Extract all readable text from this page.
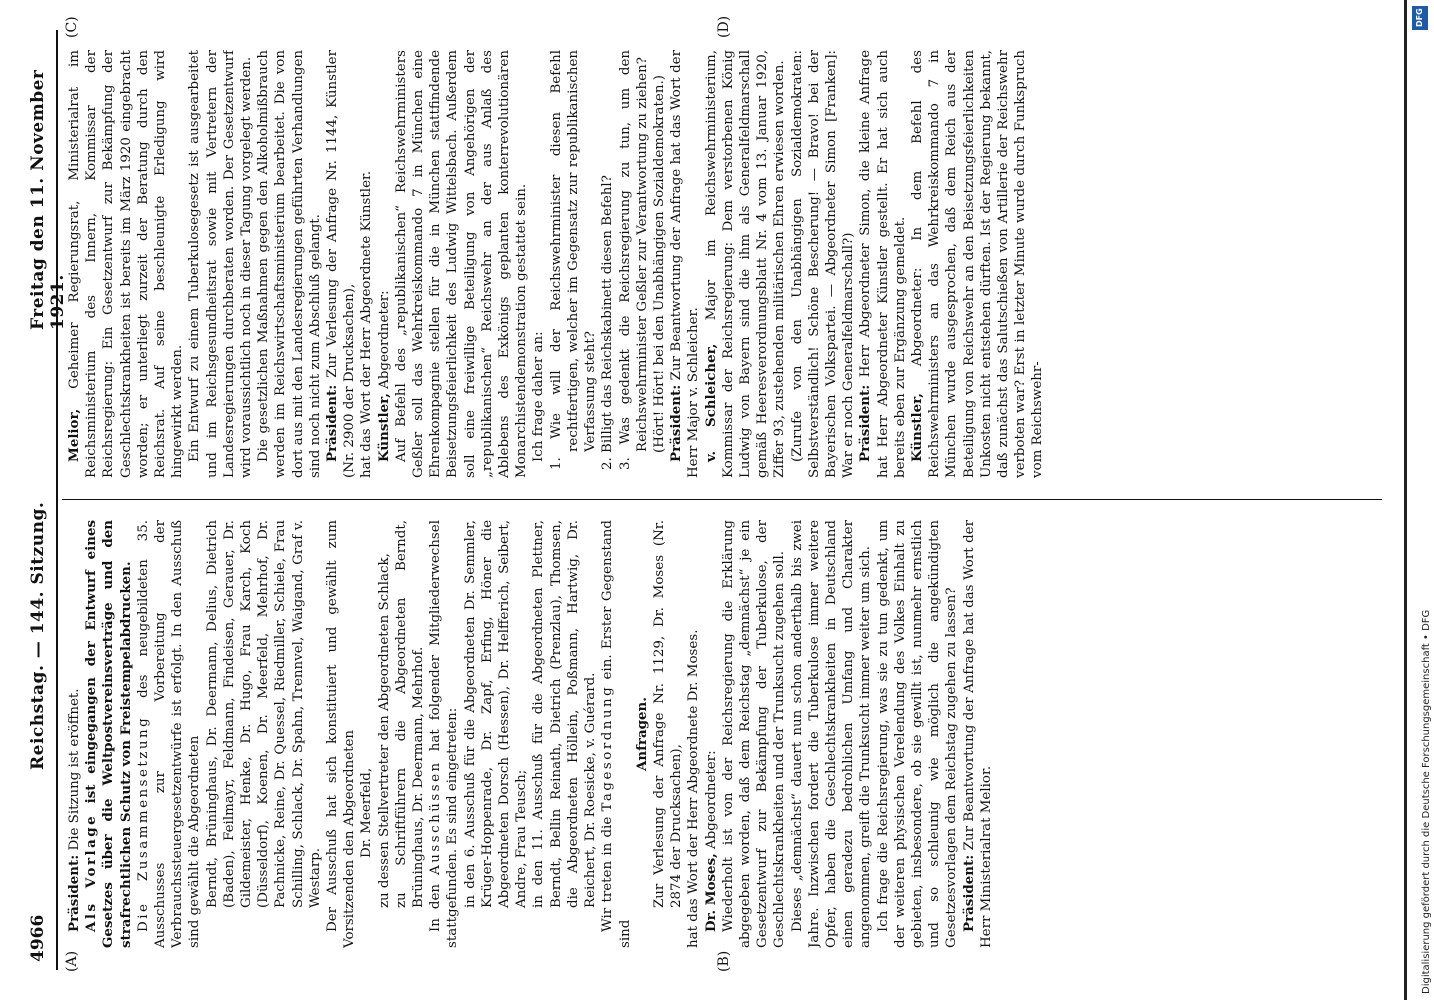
4966
Reichstag. — 144. Sitzung.
Freitag den 11. November 1921.
(A)	(B)
(C)	(D)

Präsident: Die Sitzung ist eröffnet.

Als Vorlage ist eingegangen der Entwurf eines Gesetzes über die Weltpostvereinsverträge und den strafrechtlichen Schutz von Freistempelabdrucken. Die Zusammensetzung des neugebildeten 35. Ausschusses zur Vorbereitung der Verbrauchssteuergesetzentwürfe ist erfolgt. In den Ausschuß sind gewählt die Abgeordneten Berndt, Brüninghaus, Dr. Deermann, Delius, Dietrich (Baden), Feilmayr, Feldmann, Findeisen, Gerauer, Dr. Gildemeister, Henke, Dr. Hugo, Frau Karch, Koch (Düsseldorf), Koenen, Dr. Meerfeld, Mehrhof, Dr. Pachnicke, Reine, Dr. Quessel, Riedmiller, Schiele, Frau Schilling, Schlack, Dr. Spahn, Trennvel, Waigand, Graf v. Westarp. Der Ausschuß hat sich konstituiert und gewählt zum Vorsitzenden den Abgeordneten Dr. Meerfeld, zu dessen Stellvertreter den Abgeordneten Schlack, zu Schriftführern die Abgeordneten Berndt, Brüninghaus, Dr. Deermann, Mehrhof. In den Ausschüssen hat folgender Mitgliederwechsel stattgefunden. Es sind eingetreten: in den 6. Ausschuß für die Abgeordneten Dr. Semmler, Krüger-Hoppenrade, Dr. Zapf, Erfing, Höner die Abgeordneten Dorsch (Hessen), Dr. Helfferich, Seibert, Andre, Frau Teusch; in den 11. Ausschuß für die Abgeordneten Plettner, Berndt, Bellin Reinath, Dietrich (Prenzlau), Thomsen, die Abgeordneten Höllein, Poßmann, Hartwig, Dr. Reichert, Dr. Roesicke, v. Guérard. Wir treten in die Tagesordnung ein. Erster Gegenstand sind

Anfragen. Zur Verlesung der Anfrage Nr. 1129, Dr. Moses (Nr. 2874 der Drucksachen), hat das Wort der Herr Abgeordnete Dr. Moses. Dr. Moses, Abgeordneter: Wiederholt ist von der Reichsregierung die Erklärung abgegeben worden, daß dem Reichstag „demnächst“ je ein Gesetzentwurf zur Bekämpfung der Tuberkulose, der Geschlechtskrankheiten und der Trunksucht zugehen soll. Dieses „demnächst“ dauert nun schon anderthalb bis zwei Jahre. Inzwischen fordert die Tuberkulose immer weitere Opfer, haben die Geschlechtskrankheiten in Deutschland einen geradezu bedrohlichen Umfang und Charakter angenommen, greift die Trunksucht immer weiter um sich. Ich frage die Reichsregierung, was sie zu tun gedenkt, um der weiteren physischen Verelendung des Volkes Einhalt zu gebieten, insbesondere, ob sie gewillt ist, nunmehr ernstlich und so schleunig wie möglich die angekündigten Gesetzesvorlagen dem Reichstag zugehen zu lassen? Präsident: Zur Beantwortung der Anfrage hat das Wort der Herr Ministerialrat Melior.

Melior, Geheimer Regierungsrat, Ministerialrat im Reichsministerium des Innern, Kommissar der Reichsregierung: Ein Gesetzentwurf zur Bekämpfung der Geschlechtskrankheiten ist bereits im März 1920 eingebracht worden; er unterliegt zurzeit der Beratung durch den Reichsrat. Auf seine beschleunigte Erledigung wird hingewirkt werden. Ein Entwurf zu einem Tuberkulosegesetz ist ausgearbeitet und im Reichsgesundheitsrat sowie mit Vertretern der Landesregierungen durchberaten worden. Der Gesetzentwurf wird voraussichtlich noch in dieser Tagung vorgelegt werden. Die gesetzlichen Maßnahmen gegen den Alkoholmißbrauch werden im Reichswirtschaftsministerium bearbeitet. Die von dort aus mit den Landesregierungen geführten Verhandlungen sind noch nicht zum Abschluß gelangt. Präsident: Zur Verlesung der Anfrage Nr. 1144, Künstler (Nr. 2900 der Drucksachen), hat das Wort der Herr Abgeordnete Künstler. Künstler, Abgeordneter: Auf Befehl des „republikanischen“ Reichswehrministers Geßler soll das Wehrkreiskommando 7 in München eine Ehrenkompagnie stellen für die in München stattfindende Beisetzungsfeierlichkeit des Ludwig Wittelsbach. Außerdem soll eine freiwillige Beteiligung von Angehörigen der „republikanischen“ Reichswehr an der aus Anlaß des Ablebens des Exkönigs geplanten konterrevolutionären Monarchistendemonstration gestattet sein. Ich frage daher an: 1. Wie will der Reichswehrminister diesen Befehl rechtfertigen, welcher im Gegensatz zur republikanischen Verfassung steht? 2. Billigt das Reichskabinett diesen Befehl? 3. Was gedenkt die Reichsregierung zu tun, um den Reichswehrminister Geßler zur Verantwortung zu ziehen? (Hört! Hört! bei den Unabhängigen Sozialdemokraten.) Präsident: Zur Beantwortung der Anfrage hat das Wort der Herr Major v. Schleicher. v. Schleicher, Major im Reichswehrministerium, Kommissar der Reichsregierung: Dem verstorbenen König Ludwig von Bayern sind die ihm als Generalfeldmarschall gemäß Heeresverordnungsblatt Nr. 4 vom 13. Januar 1920, Ziffer 93, zustehenden militärischen Ehren erwiesen worden. (Zurufe von den Unabhängigen Sozialdemokraten: Selbstverständlich! Schöne Bescherung! — Bravo! bei der Bayerischen Volkspartei. — Abgeordneter Simon [Franken]: War er noch Generalfeldmarschall?) Präsident: Herr Abgeordneter Simon, die kleine Anfrage hat Herr Abgeordneter Künstler gestellt. Er hat sich auch bereits eben zur Ergänzung gemeldet. Künstler, Abgeordneter: In dem Befehl des Reichswehrministers an das Wehrkreiskommando 7 in München wurde ausgesprochen, daß dem Reich aus der Beteiligung von Reichswehr an den Beisetzungsfeierlichkeiten Unkosten nicht entstehen dürften. Ist der Regierung bekannt, daß zunächst das Salutschießen von Artillerie der Reichswehr verboten war? Erst in letzter Minute wurde durch Funkspruch vom Reichswehr-

DFG
Digitalisierung gefördert durch die Deutsche Forschungsgemeinschaft • DFG
